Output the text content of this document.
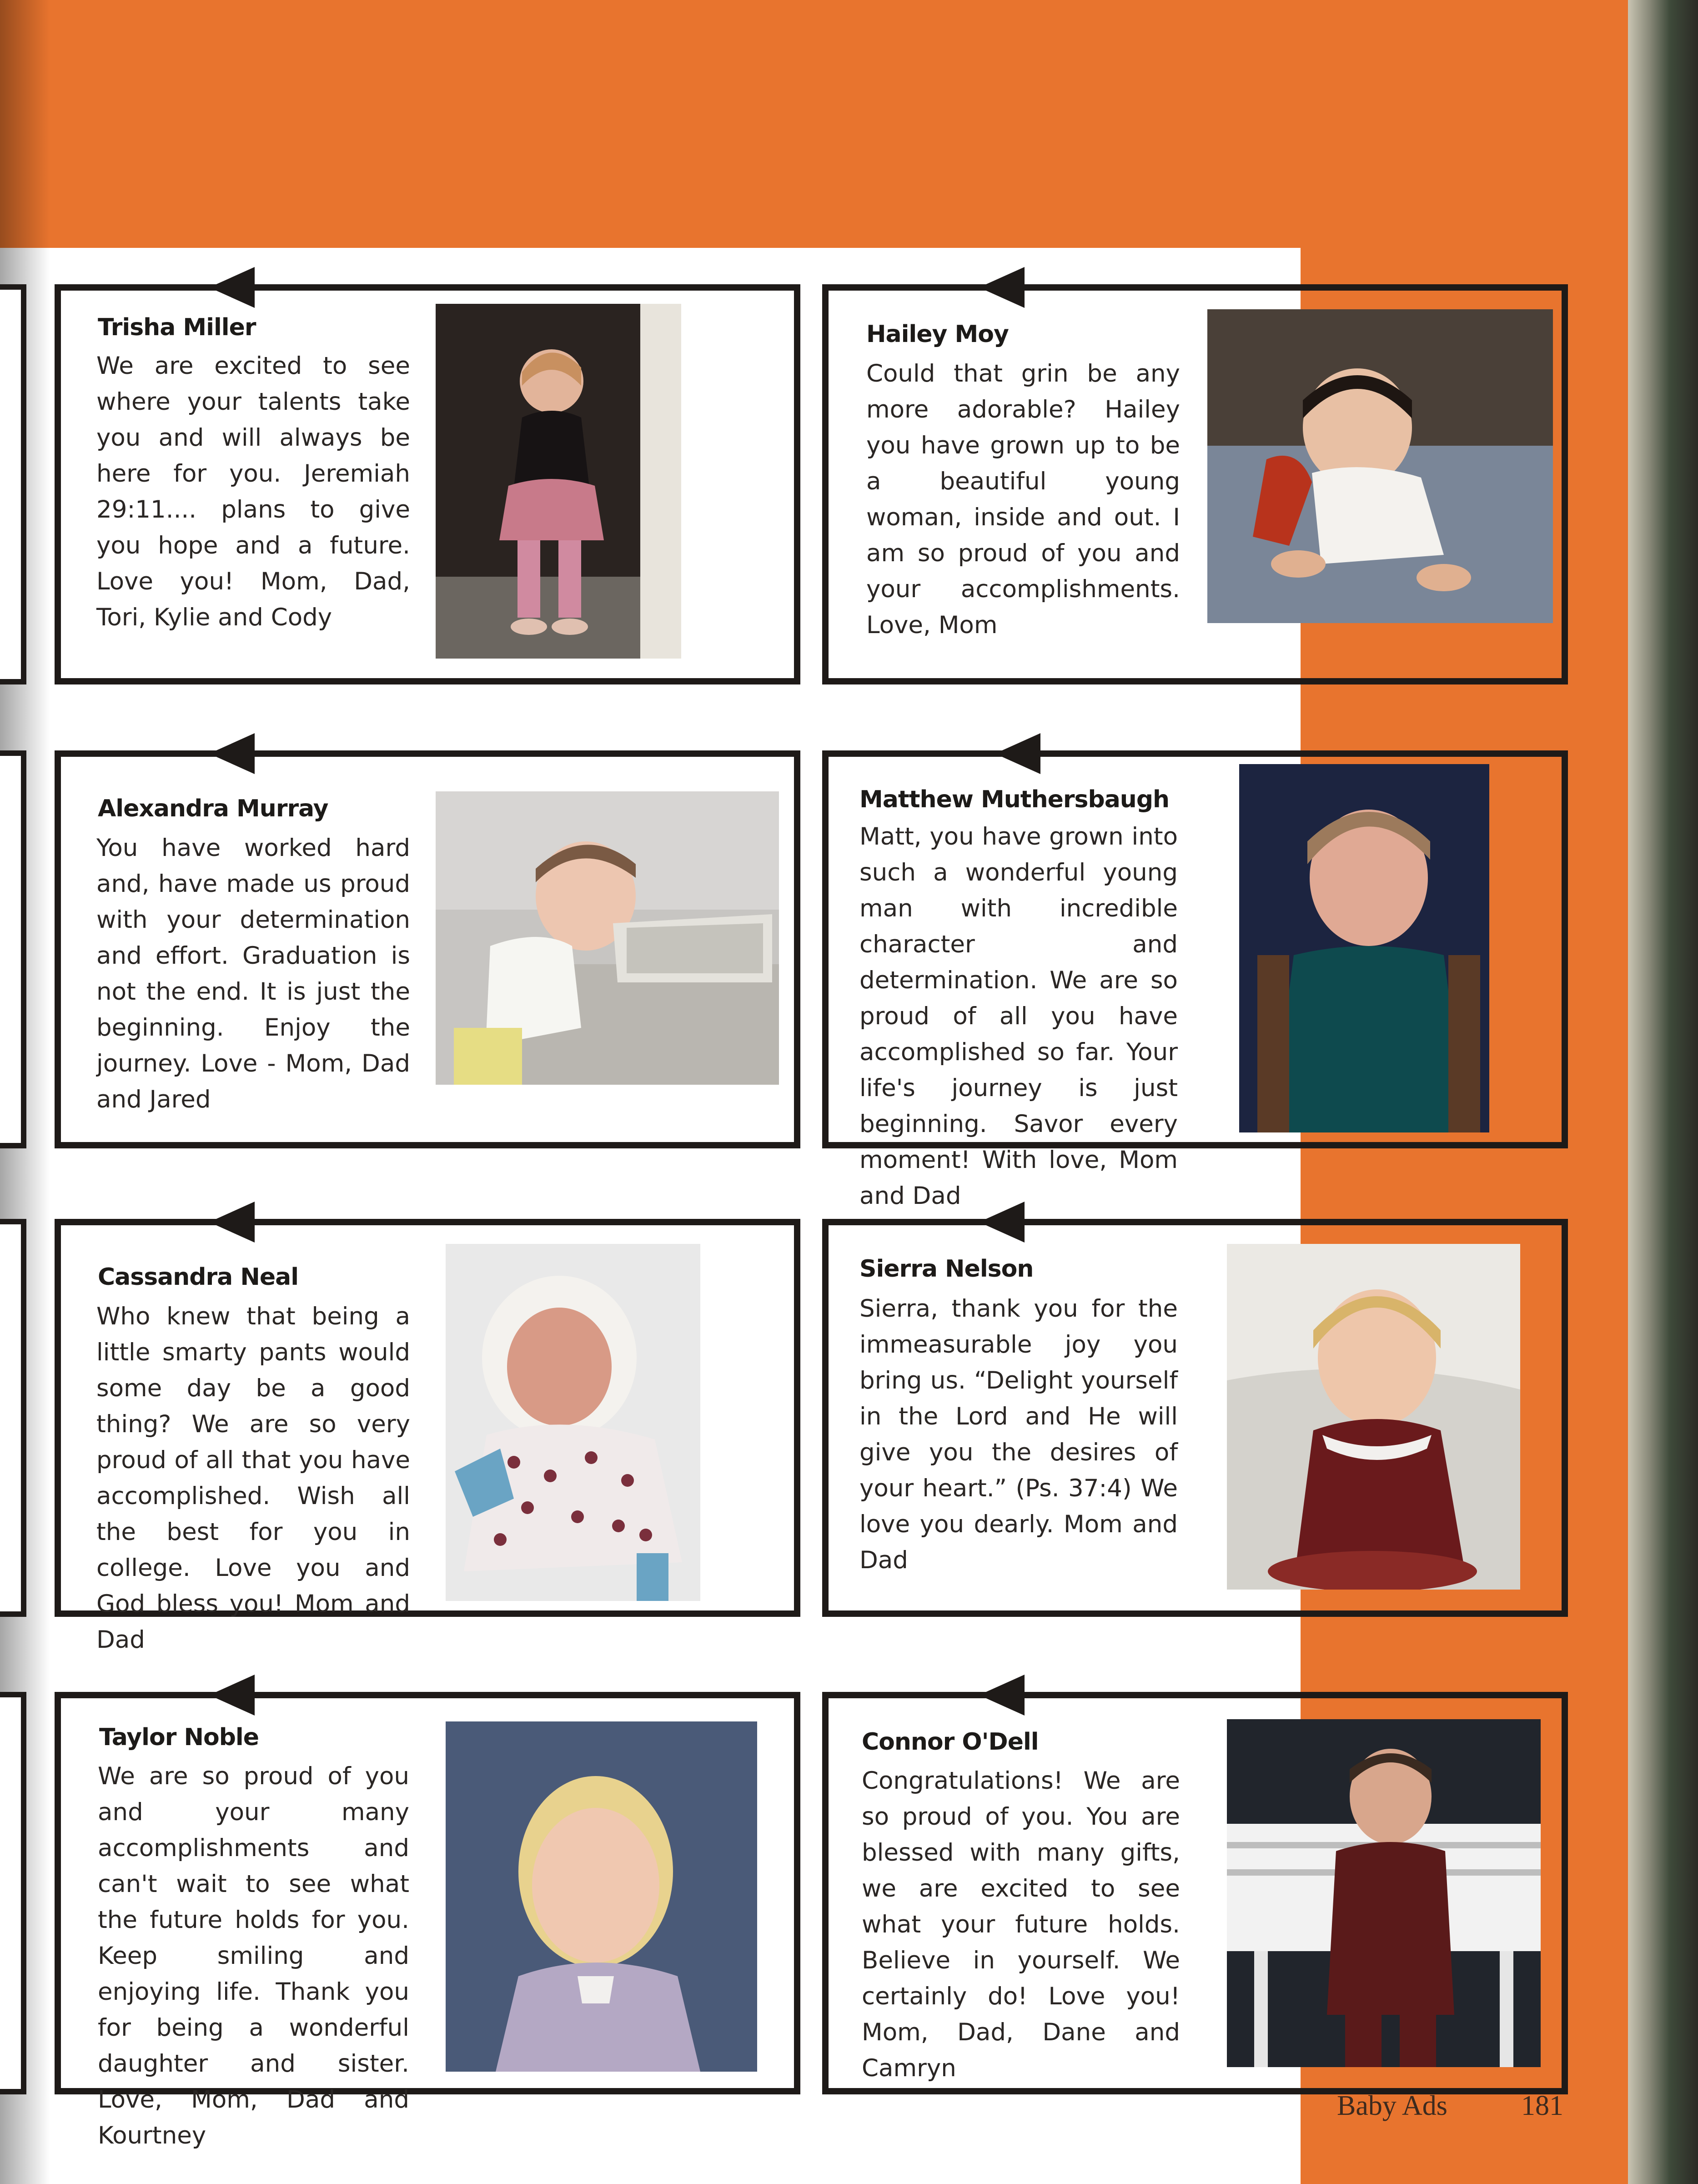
Trisha Miller
We are excited to see where your talents take you and will always be here for you. Jeremiah 29:11.... plans to give you hope and a future. Love you! Mom, Dad, Tori, Kylie and Cody
Hailey Moy
Could that grin be any more adorable? Hailey you have grown up to be a beautiful young woman, inside and out. I am so proud of you and your accomplishments. Love, Mom
Alexandra Murray
You have worked hard and, have made us proud with your determination and effort. Graduation is not the end. It is just the beginning. Enjoy the journey. Love - Mom, Dad and Jared
Matthew Muthersbaugh
Matt, you have grown into such a wonderful young man with incredible character and determination. We are so proud of all you have accomplished so far. Your life's journey is just beginning. Savor every moment! With love, Mom and Dad
Cassandra Neal
Who knew that being a little smarty pants would some day be a good thing? We are so very proud of all that you have accomplished. Wish all the best for you in college. Love you and God bless you! Mom and Dad
Sierra Nelson
Sierra, thank you for the immeasurable joy you bring us. “Delight yourself in the Lord and He will give you the desires of your heart.” (Ps. 37:4) We love you dearly. Mom and Dad
Taylor Noble
We are so proud of you and your many accomplishments and can't wait to see what the future holds for you. Keep smiling and enjoying life. Thank you for being a wonderful daughter and sister. Love, Mom, Dad and Kourtney
Connor O'Dell
Congratulations! We are so proud of you. You are blessed with many gifts, we are excited to see what your future holds. Believe in yourself. We certainly do! Love you! Mom, Dad, Dane and Camryn
Baby Ads	181
